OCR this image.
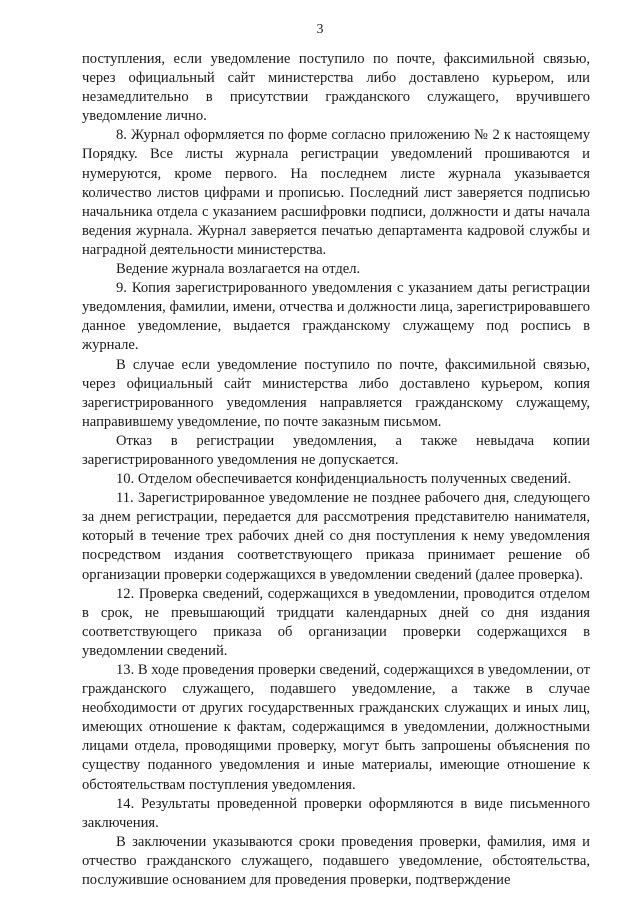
3

поступления, если уведомление поступило по почте, факсимильной связью, через официальный сайт министерства либо доставлено курьером, или незамедлительно в присутствии гражданского служащего, вручившего уведомление лично.

8. Журнал оформляется по форме согласно приложению № 2 к настоящему Порядку. Все листы журнала регистрации уведомлений прошиваются и нумеруются, кроме первого. На последнем листе журнала указывается количество листов цифрами и прописью. Последний лист заверяется подписью начальника отдела с указанием расшифровки подписи, должности и даты начала ведения журнала. Журнал заверяется печатью департамента кадровой службы и наградной деятельности министерства.

Ведение журнала возлагается на отдел.

9. Копия зарегистрированного уведомления с указанием даты регистрации уведомления, фамилии, имени, отчества и должности лица, зарегистрировавшего данное уведомление, выдается гражданскому служащему под роспись в журнале.

В случае если уведомление поступило по почте, факсимильной связью, через официальный сайт министерства либо доставлено курьером, копия зарегистрированного уведомления направляется гражданскому служащему, направившему уведомление, по почте заказным письмом.

Отказ в регистрации уведомления, а также невыдача копии зарегистрированного уведомления не допускается.

10. Отделом обеспечивается конфиденциальность полученных сведений.

11. Зарегистрированное уведомление не позднее рабочего дня, следующего за днем регистрации, передается для рассмотрения представителю нанимателя, который в течение трех рабочих дней со дня поступления к нему уведомления посредством издания соответствующего приказа принимает решение об организации проверки содержащихся в уведомлении сведений (далее проверка).

12. Проверка сведений, содержащихся в уведомлении, проводится отделом в срок, не превышающий тридцати календарных дней со дня издания соответствующего приказа об организации проверки содержащихся в уведомлении сведений.

13. В ходе проведения проверки сведений, содержащихся в уведомлении, от гражданского служащего, подавшего уведомление, а также в случае необходимости от других государственных гражданских служащих и иных лиц, имеющих отношение к фактам, содержащимся в уведомлении, должностными лицами отдела, проводящими проверку, могут быть запрошены объяснения по существу поданного уведомления и иные материалы, имеющие отношение к обстоятельствам поступления уведомления.

14. Результаты проведенной проверки оформляются в виде письменного заключения.

В заключении указываются сроки проведения проверки, фамилия, имя и отчество гражданского служащего, подавшего уведомление, обстоятельства, послужившие основанием для проведения проверки, подтверждение
